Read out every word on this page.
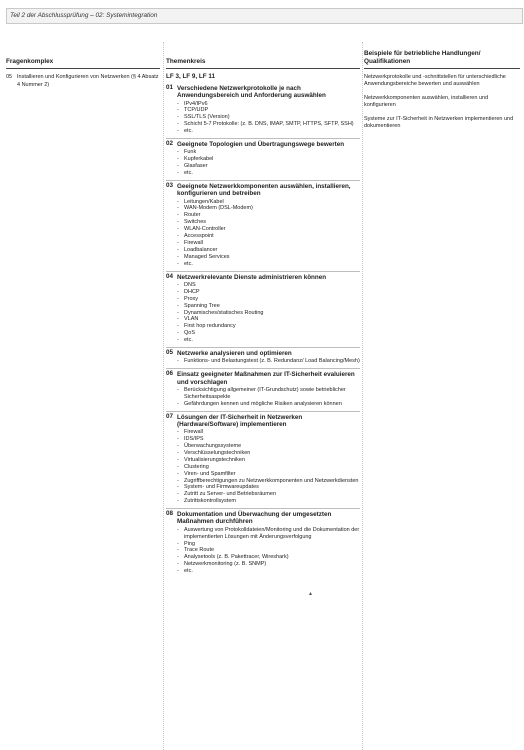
Teil 2 der Abschlussprüfung – 02: Systemintegration
Fragenkomplex	Themenkreis
Beispiele für betriebliche Handlungen/ Qualifikationen
05 Installieren und Konfigurieren von Netzwerken (§ 4 Absatz 4 Nummer 2)
LF 3, LF 9, LF 11
01 Verschiedene Netzwerkprotokolle je nach Anwendungsbereich und Anforderung auswählen
- IPv4/IPv6
- TCP/UDP
- SSL/TLS (Version)
- Schicht 5-7 Protokolle: (z. B. DNS, IMAP, SMTP, HTTPS, SFTP, SSH)
- etc.
02 Geeignete Topologien und Übertragungswege bewerten
- Funk
- Kupferkabel
- Glasfaser
- etc.
03 Geeignete Netzwerkkomponenten auswählen, installieren, konfigurieren und betreiben
- Leitungen/Kabel
- WAN-Modem (DSL-Modem)
- Router
- Switches
- WLAN-Controller
- Accesspoint
- Firewall
- Loadbalancer
- Managed Services
- etc.
04 Netzwerkrelevante Dienste administrieren können
- DNS
- DHCP
- Proxy
- Spanning Tree
- Dynamisches/statisches Routing
- VLAN
- First hop redundancy
- QoS
- etc.
05 Netzwerke analysieren und optimieren
- Funktions- und Belastungstest (z. B. Redundanz/ Load Balancing/Mesh)
06 Einsatz geeigneter Maßnahmen zur IT-Sicherheit evaluieren und vorschlagen
- Berücksichtigung allgemeiner (IT-Grundschutz) sowie betrieblicher Sicherheitsaspekte
- Gefährdungen kennen und mögliche Risiken analysieren können
07 Lösungen der IT-Sicherheit in Netzwerken (Hardware/Software) implementieren
- Firewall
- IDS/IPS
- Überwachungssysteme
- Verschlüsselungstechniken
- Virtualisierungstechniken
- Clustering
- Viren- und Spamfilter
- Zugriffberechtigungen zu Netzwerkkomponenten und Netzwerkdiensten
- System- und Firmwareupdates
- Zutritt zu Server- und Betriebsräumen
- Zutrittskontrollsystem
08 Dokumentation und Überwachung der umgesetzten Maßnahmen durchführen
- Auswertung von Protokolldateien/Monitoring und die Dokumentation der implementierten Lösungen mit Änderungsverfolgung
- Ping
- Trace Route
- Analysetools (z. B. Pakettracer, Wireshark)
- Netzwerkmonitoring (z. B. SNMP)
- etc.
Netzwerkprotokolle und -schnittstellen für unterschiedliche Anwendungsbereiche bewerten und auswählen
Netzwerkkomponenten auswählen, installieren und konfigurieren
Systeme zur IT-Sicherheit in Netzwerken implementieren und dokumentieren
▴
